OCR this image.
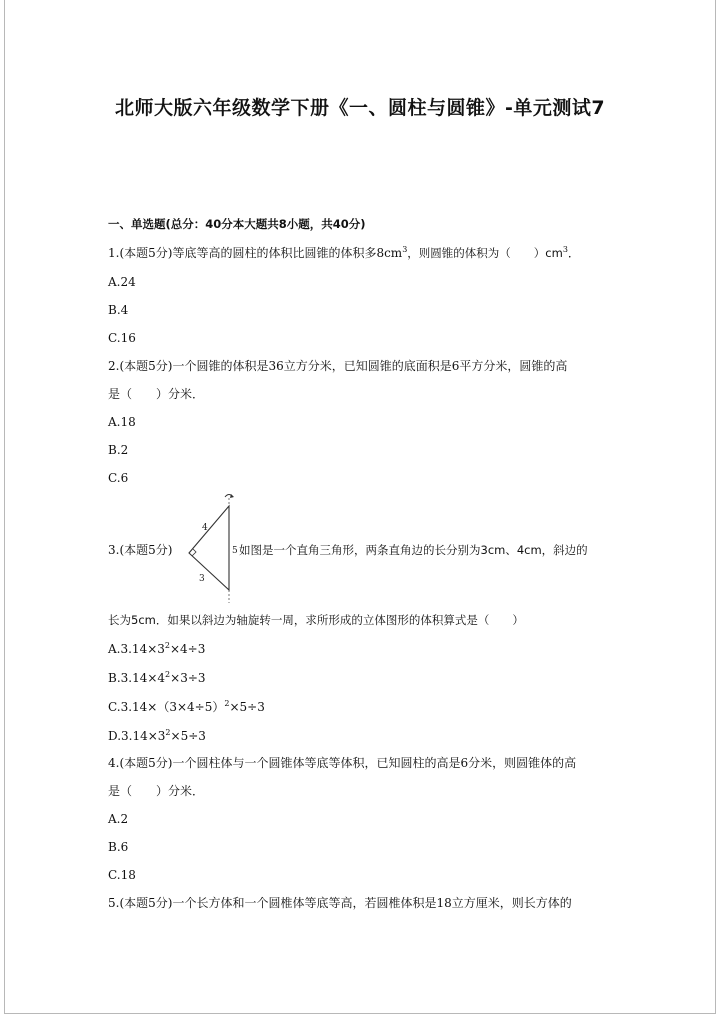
北师大版六年级数学下册《一、圆柱与圆锥》-单元测试7
一、单选题(总分：40分本大题共8小题，共40分)
1.(本题5分)等底等高的圆柱的体积比圆锥的体积多$8cm^3$，则圆锥的体积为（　　）$cm^3$．
A.24
B.4
C.16
2.(本题5分)一个圆锥的体积是36立方分米，已知圆锥的底面积是6平方分米，圆锥的高
是（　　）分米．
A.18
B.2
C.6
3.(本题5分)
4
5
3
如图是一个直角三角形，两条直角边的长分别为3cm、4cm，斜边的
长为5cm．如果以斜边为轴旋转一周，求所形成的立体图形的体积算式是（　　）
$A.3.14\times 3^2\times 4\div 3$
$B.3.14\times 4^2\times 3\div 3$
$C.3.14\times(3\times 4\div 5)^2\times 5\div 3$
$D.3.14\times 3^2\times 5\div 3$
4.(本题5分)一个圆柱体与一个圆锥体等底等体积，已知圆柱的高是6分米，则圆锥体的高
是（　　）分米．
A.2
B.6
C.18
5.(本题5分)一个长方体和一个圆椎体等底等高，若圆椎体积是18立方厘米，则长方体的
